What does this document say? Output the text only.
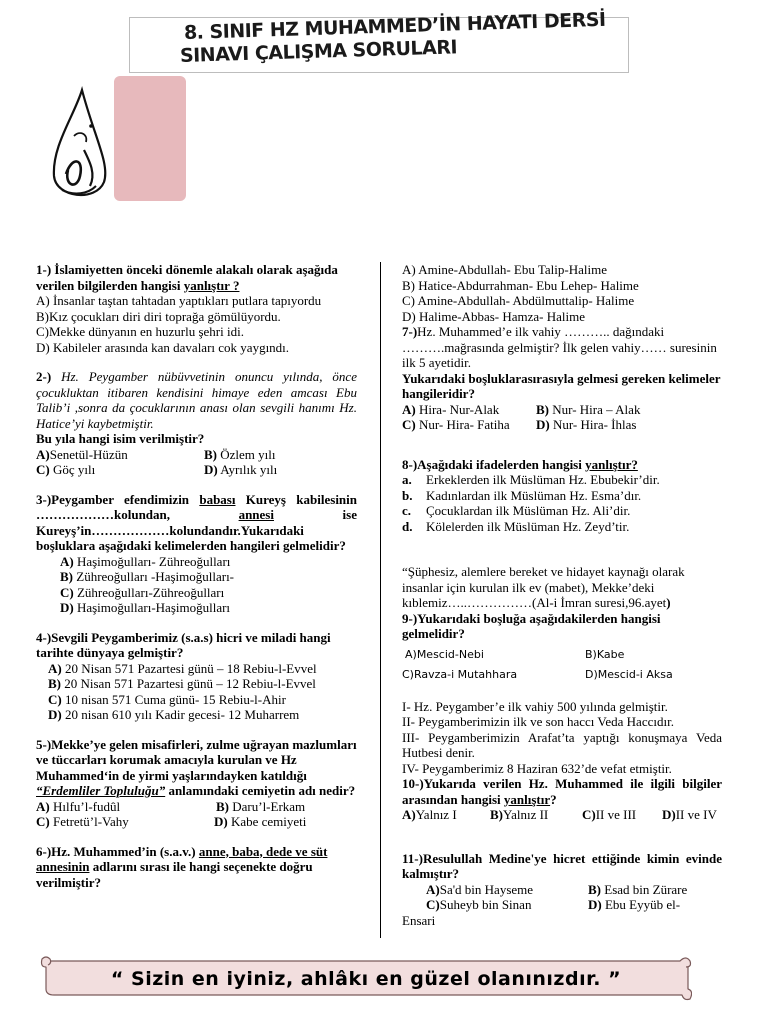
8. SINIF HZ MUHAMMED’İN HAYATI DERSİ
SINAVI ÇALIŞMA SORULARI

1-) İslamiyetten önceki dönemle alakalı olarak aşağıda verilen bilgilerden hangisi yanlıştır ?

A) İnsanlar taştan tahtadan yaptıkları putlara tapıyordu

B)Kız çocukları diri diri toprağa gömülüyordu.

C)Mekke dünyanın en huzurlu şehri idi.

D) Kabileler arasında kan davaları cok yaygındı.

2-) Hz. Peygamber nübüvvetinin onuncu yılında, önce çocukluktan itibaren kendisini himaye eden amcası Ebu Talib’i ,sonra da çocuklarının anası olan sevgili hanımı Hz. Hatice’yi kaybetmiştir.

Bu yıla hangi isim verilmiştir?

A)Senetül-Hüzün	B) Özlem yılı

C) Göç yılı	D) Ayrılık yılı

3-)Peygamber efendimizin babası Kureyş kabilesinin ………………kolundan, annesi ise Kureyş’in………………kolundandır.Yukarıdaki boşluklara aşağıdaki kelimelerden hangileri gelmelidir?

A) Haşimoğulları- Zühreoğulları

B) Zühreoğulları -Haşimoğulları-

C) Zühreoğulları-Zühreoğulları

D) Haşimoğulları-Haşimoğulları

4-)Sevgili Peygamberimiz (s.a.s) hicri ve miladi hangi tarihte dünyaya gelmiştir?

A) 20 Nisan 571 Pazartesi günü – 18 Rebiu-l-Evvel

B) 20 Nisan 571 Pazartesi günü – 12 Rebiu-l-Evvel

C) 10 nisan 571 Cuma günü- 15 Rebiu-l-Ahir

D) 20 nisan 610 yılı Kadir gecesi- 12 Muharrem

5-)Mekke’ye gelen misafirleri, zulme uğrayan mazlumları ve tüccarları korumak amacıyla kurulan ve Hz Muhammed‘in de yirmi yaşlarındayken katıldığı “Erdemliler Topluluğu” anlamındaki cemiyetin adı nedir?

A) Hılfu’l-fudûl	B) Daru’l-Erkam

C) Fetretü’l-Vahy	D) Kabe cemiyeti

6-)Hz. Muhammed’in (s.a.v.) anne, baba, dede ve süt annesinin adlarını sırası ile hangi seçenekte doğru verilmiştir?

A) Amine-Abdullah- Ebu Talip-Halime

B) Hatice-Abdurrahman- Ebu Lehep- Halime

C) Amine-Abdullah- Abdülmuttalip- Halime

D) Halime-Abbas- Hamza- Halime

7-)Hz. Muhammed’e ilk vahiy ……….. dağındaki ……….mağrasında gelmiştir? İlk gelen vahiy…… suresinin ilk 5 ayetidir.

Yukarıdaki boşluklarasırasıyla gelmesi gereken kelimeler hangileridir?

A) Hira- Nur-Alak	B) Nur- Hira – Alak

C) Nur- Hira- Fatiha	D) Nur- Hira- İhlas

8-)Aşağıdaki ifadelerden hangisi yanlıştır?

a. Erkeklerden ilk Müslüman Hz. Ebubekir’dir.

b. Kadınlardan ilk Müslüman Hz. Esma’dır.

c. Çocuklardan ilk Müslüman Hz. Ali’dir.

d. Kölelerden ilk Müslüman Hz. Zeyd’tir.

“Şüphesiz, alemlere bereket ve hidayet kaynağı olarak insanlar için kurulan ilk ev (mabet), Mekke’deki kıblemiz…..……………(Al-i İmran suresi,96.ayet)

9-)Yukarıdaki boşluğa aşağıdakilerden hangisi gelmelidir?

A)Mescid-Nebi	B)Kabe

C)Ravza-i Mutahhara	D)Mescid-i Aksa

I- Hz. Peygamber’e ilk vahiy 500 yılında gelmiştir.

II- Peygamberimizin ilk ve son haccı Veda Haccıdır.

III- Peygamberimizin Arafat’ta yaptığı konuşmaya Veda Hutbesi denir.

IV- Peygamberimiz 8 Haziran 632’de vefat etmiştir.

10-)Yukarıda verilen Hz. Muhammed ile ilgili bilgiler arasından hangisi yanlıştır?

A)Yalnız I	B)Yalnız II	C)II ve III	D)II ve IV

11-)Resulullah Medine'ye hicret ettiğinde kimin evinde kalmıştır?

A)Sa'd bin Hayseme	B) Esad bin Zürare

C)Suheyb bin Sinan	D) Ebu Eyyüb el-

Ensari

“ Sizin en iyiniz, ahlâkı en güzel olanınızdır. ”
